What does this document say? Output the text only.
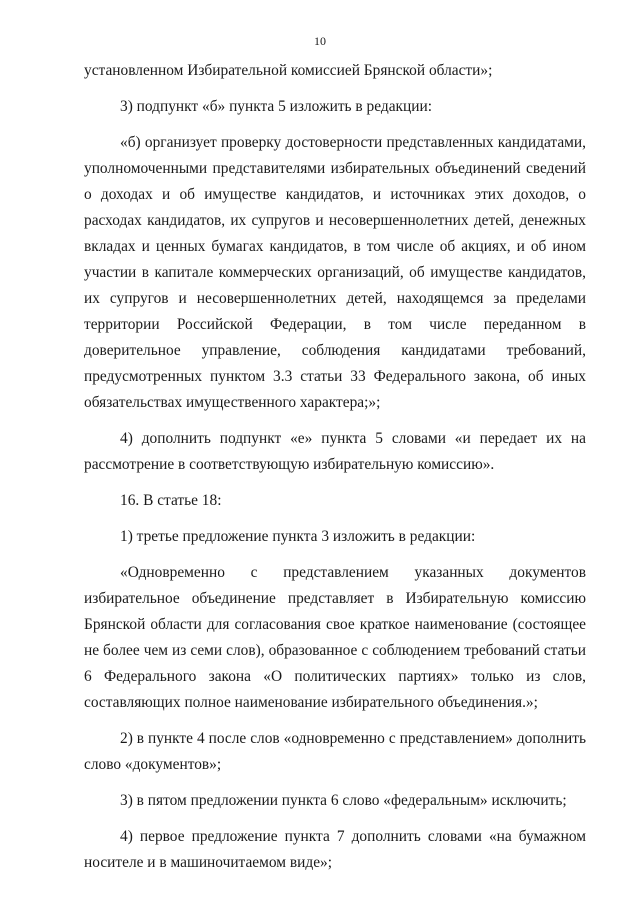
10

установленном Избирательной комиссией Брянской области»;

3) подпункт «б» пункта 5 изложить в редакции:

«б) организует проверку достоверности представленных кандидатами, уполномоченными представителями избирательных объединений сведений о доходах и об имуществе кандидатов, и источниках этих доходов, о расходах кандидатов, их супругов и несовершеннолетних детей, денежных вкладах и ценных бумагах кандидатов, в том числе об акциях, и об ином участии в капитале коммерческих организаций, об имуществе кандидатов, их супругов и несовершеннолетних детей, находящемся за пределами территории Российской Федерации, в том числе переданном в доверительное управление, соблюдения кандидатами требований, предусмотренных пунктом 3.3 статьи 33 Федерального закона, об иных обязательствах имущественного характера;»;

4) дополнить подпункт «е» пункта 5 словами «и передает их на рассмотрение в соответствующую избирательную комиссию».

16. В статье 18:

1) третье предложение пункта 3 изложить в редакции:

«Одновременно с представлением указанных документов избирательное объединение представляет в Избирательную комиссию Брянской области для согласования свое краткое наименование (состоящее не более чем из семи слов), образованное с соблюдением требований статьи 6 Федерального закона «О политических партиях» только из слов, составляющих полное наименование избирательного объединения.»;

2) в пункте 4 после слов «одновременно с представлением» дополнить слово «документов»;

3) в пятом предложении пункта 6 слово «федеральным» исключить;

4) первое предложение пункта 7 дополнить словами «на бумажном носителе и в машиночитаемом виде»;
